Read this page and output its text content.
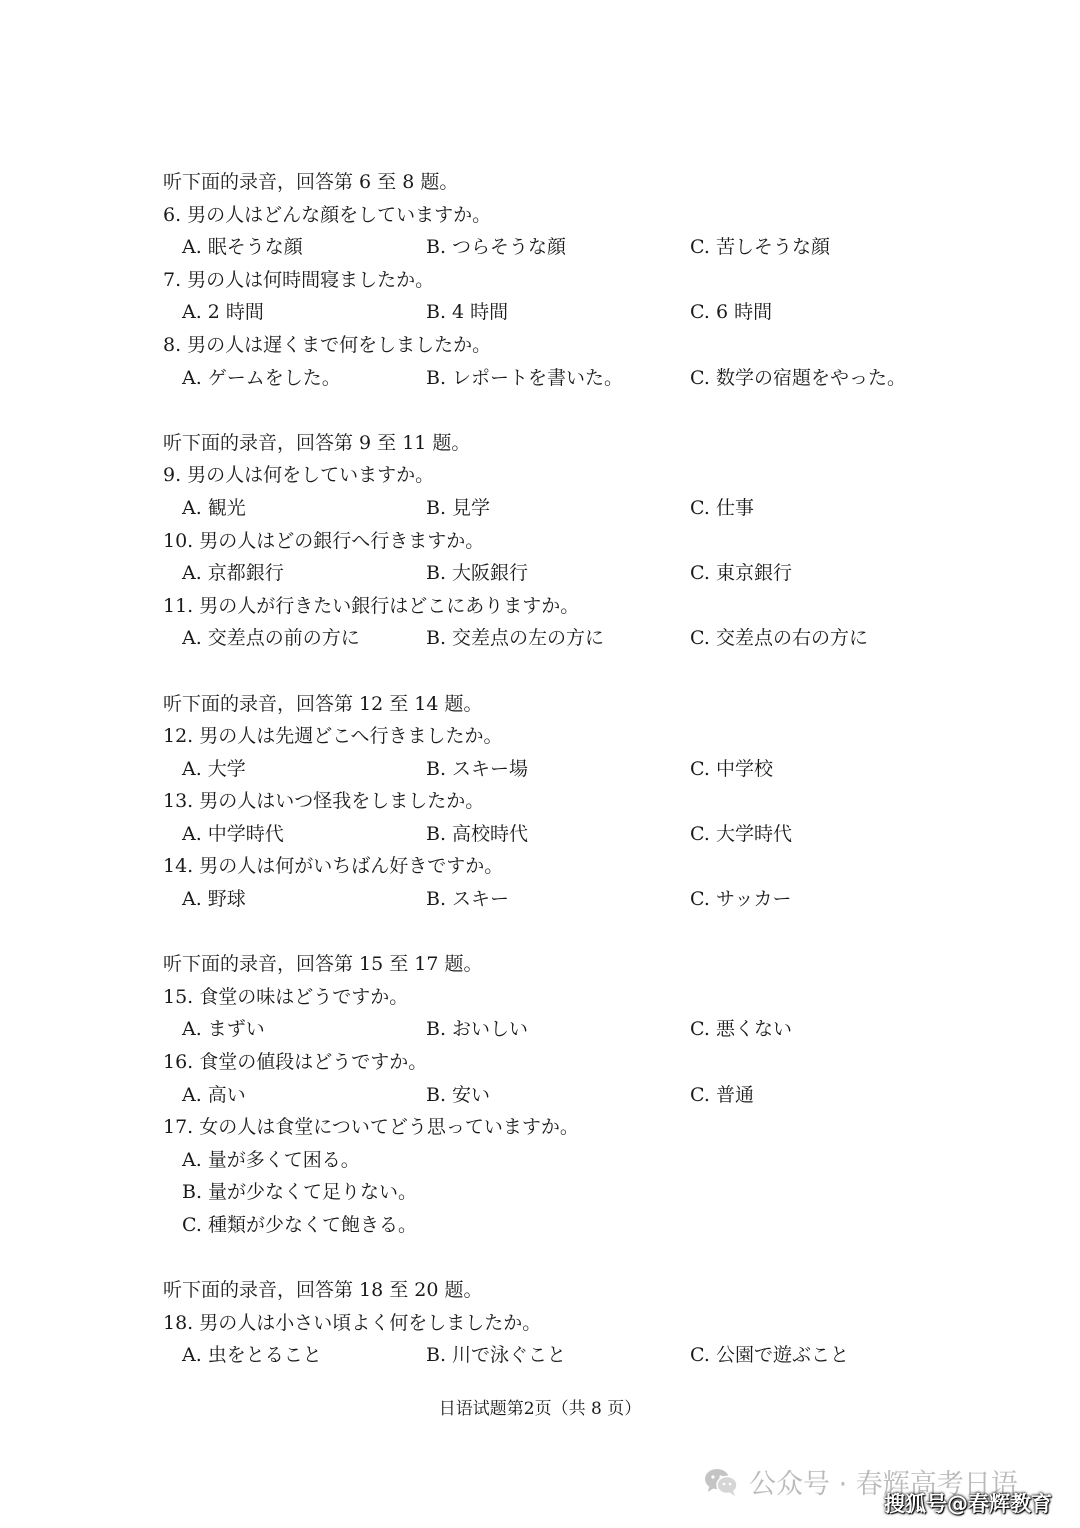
听下面的录音，回答第 6 至 8 题。
6. 男の人はどんな顔をしていますか。
A. 眠そうな顔	B. つらそうな顔	C. 苦しそうな顔
7. 男の人は何時間寝ましたか。
A. 2 時間	B. 4 時間	C. 6 時間
8. 男の人は遅くまで何をしましたか。
A. ゲームをした。	B. レポートを書いた。	C. 数学の宿題をやった。
听下面的录音，回答第 9 至 11 题。
9. 男の人は何をしていますか。
A. 観光	B. 見学	C. 仕事
10. 男の人はどの銀行へ行きますか。
A. 京都銀行	B. 大阪銀行	C. 東京銀行
11. 男の人が行きたい銀行はどこにありますか。
A. 交差点の前の方に	B. 交差点の左の方に	C. 交差点の右の方に
听下面的录音，回答第 12 至 14 题。
12. 男の人は先週どこへ行きましたか。
A. 大学	B. スキー場	C. 中学校
13. 男の人はいつ怪我をしましたか。
A. 中学時代	B. 高校時代	C. 大学時代
14. 男の人は何がいちばん好きですか。
A. 野球	B. スキー	C. サッカー
听下面的录音，回答第 15 至 17 题。
15. 食堂の味はどうですか。
A. まずい	B. おいしい	C. 悪くない
16. 食堂の値段はどうですか。
A. 高い	B. 安い	C. 普通
17. 女の人は食堂についてどう思っていますか。
A. 量が多くて困る。
B. 量が少なくて足りない。
C. 種類が少なくて飽きる。
听下面的录音，回答第 18 至 20 题。
18. 男の人は小さい頃よく何をしましたか。
A. 虫をとること	B. 川で泳ぐこと	C. 公園で遊ぶこと
日语试题第2页（共 8 页）
公众号 · 春辉高考日语
搜狐号@春辉教育
